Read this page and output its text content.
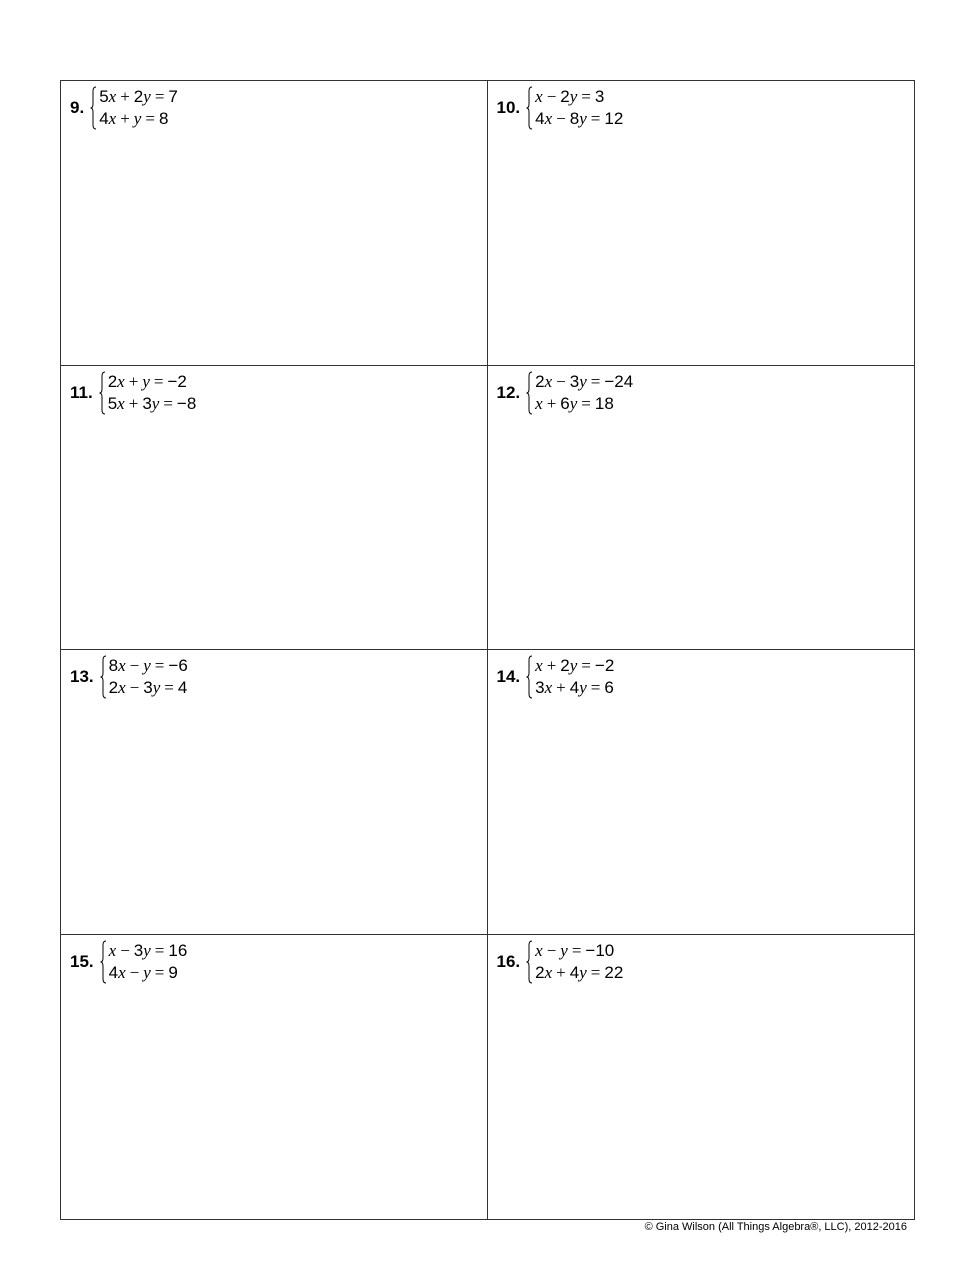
9.
5x + 2y = 7
4x + y = 8
10.
x − 2y = 3
4x − 8y = 12
11.
2x + y = −2
5x + 3y = −8
12.
2x − 3y = −24
x + 6y = 18
13.
8x − y = −6
2x − 3y = 4
14.
x + 2y = −2
3x + 4y = 6
15.
x − 3y = 16
4x − y = 9
16.
x − y = −10
2x + 4y = 22
© Gina Wilson (All Things Algebra®, LLC), 2012-2016
